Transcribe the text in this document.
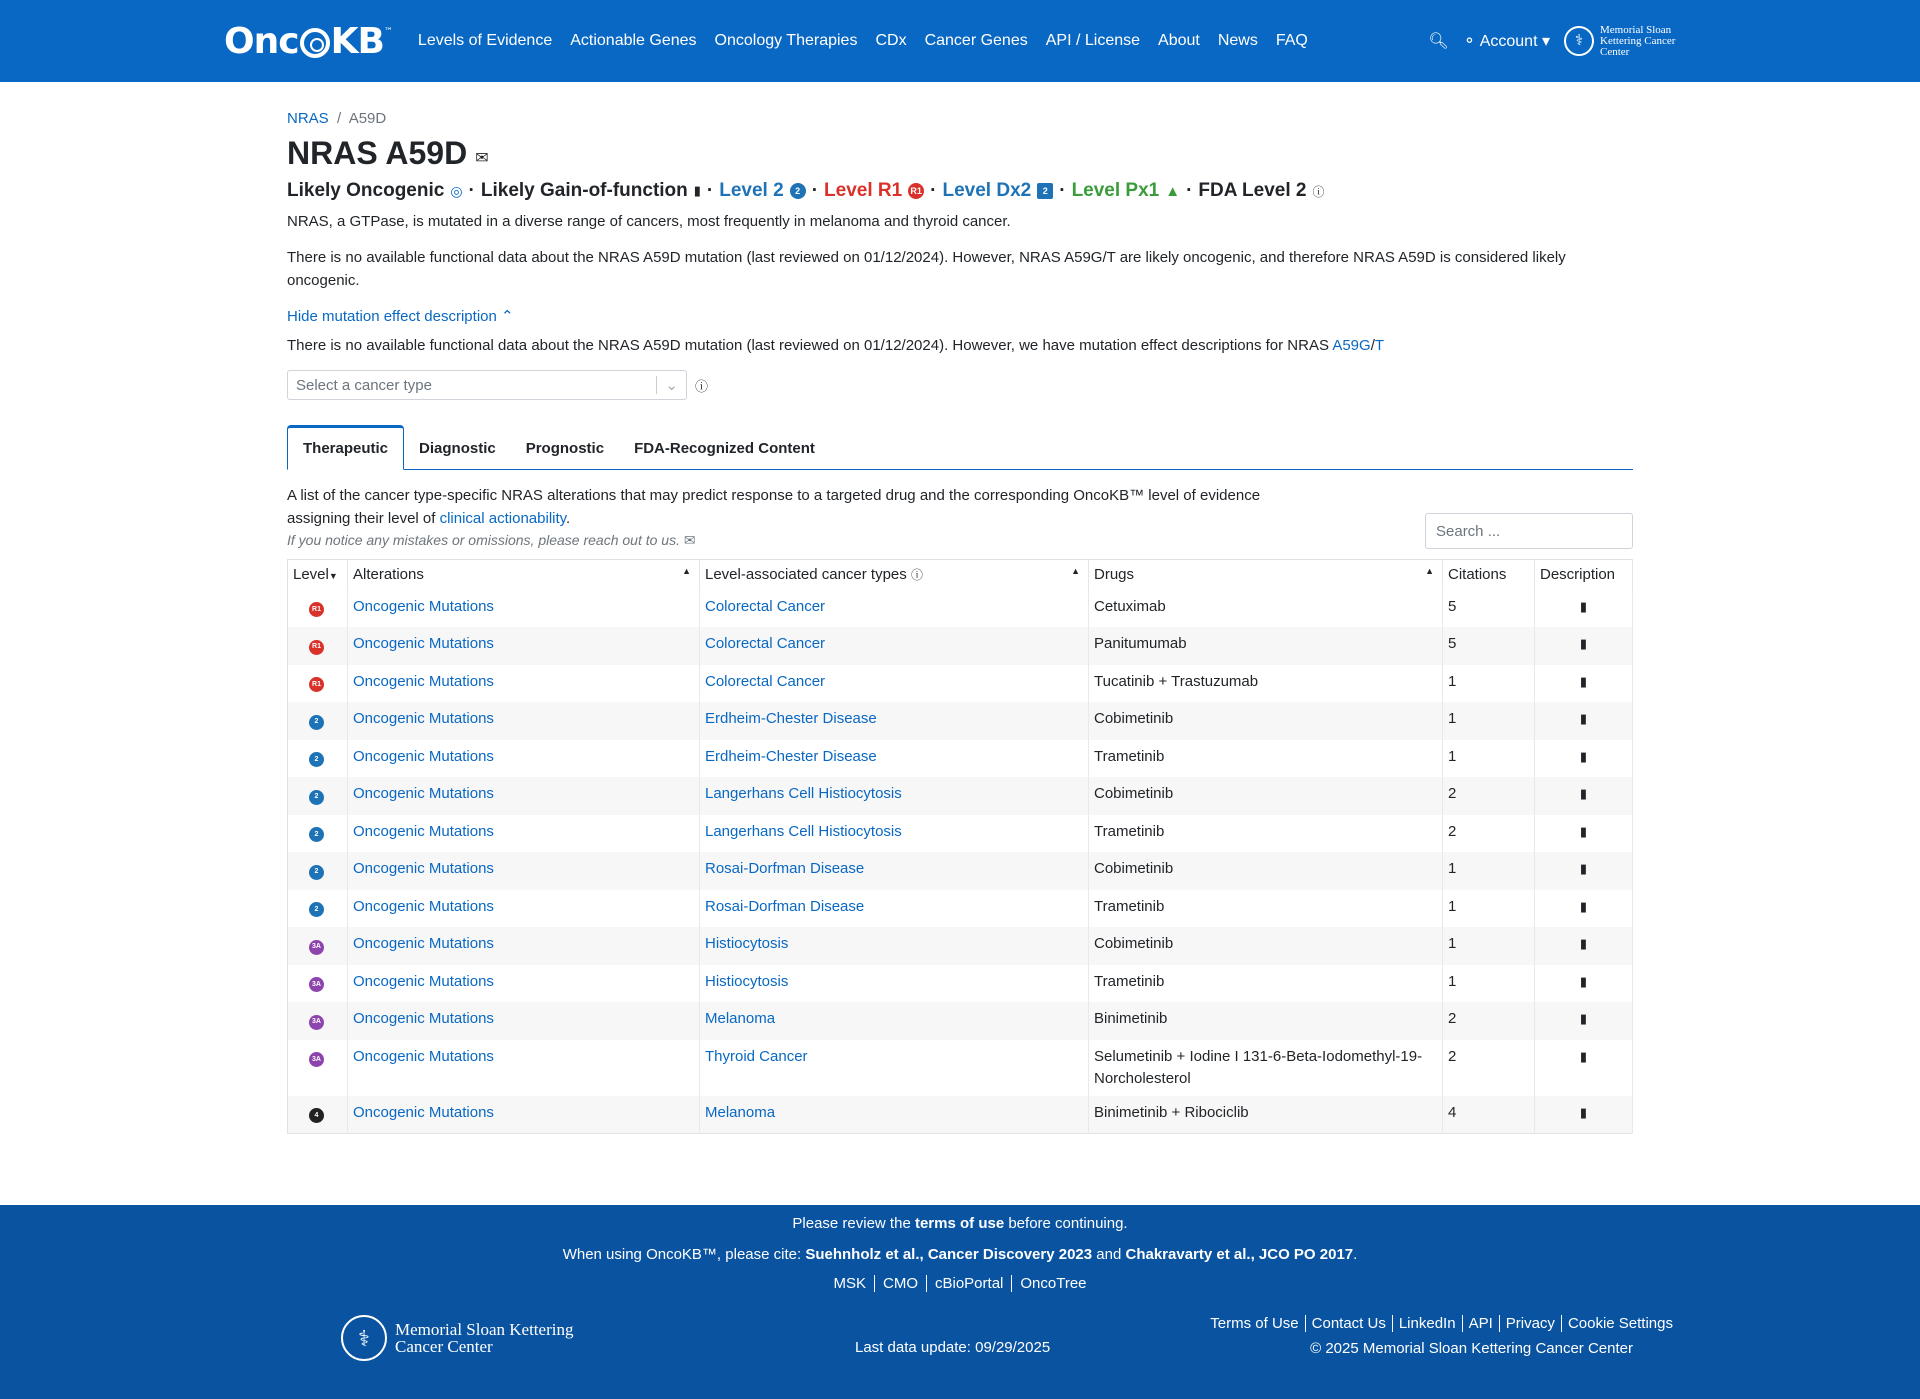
Onc KB™
Levels of Evidence Actionable Genes Oncology Therapies CDx Cancer Genes API / License About News FAQ	🔍︎ ⚬ Account ▾	⚕
Memorial Sloan Kettering Cancer Center
NRAS  /  A59D
NRAS A59D ✉
Likely Oncogenic ◎ · Likely Gain-of-function ▮ · Level 2	2 · Level R1 R1 · Level Dx2	2 · Level Px1 ▲ · FDA Level 2 ⓘ
NRAS, a GTPase, is mutated in a diverse range of cancers, most frequently in melanoma and thyroid cancer.
There is no available functional data about the NRAS A59D mutation (last reviewed on 01/12/2024). However, NRAS A59G/T are likely oncogenic, and therefore NRAS A59D is considered likely oncogenic.
Hide mutation effect description ⌃
There is no available functional data about the NRAS A59D mutation (last reviewed on 01/12/2024). However, we have mutation effect descriptions for NRAS A59G/T
Select a cancer type	⌄ ⓘ
Therapeutic	Diagnostic	Prognostic	FDA-Recognized Content
A list of the cancer type-specific NRAS alterations that may predict response to a targeted drug and the corresponding OncoKB™ level of evidence assigning their level of clinical actionability.
If you notice any mistakes or omissions, please reach out to us. ✉
Search ...
Level▼	Alterations ▲	Level-associated cancer types ⓘ ▲	Drugs ▲	Citations	Description
R1	Oncogenic Mutations	Colorectal Cancer	Cetuximab	5	▮

R1	Oncogenic Mutations	Colorectal Cancer	Panitumumab	5	▮

R1	Oncogenic Mutations	Colorectal Cancer	Tucatinib + Trastuzumab	1	▮

2	Oncogenic Mutations	Erdheim-Chester Disease	Cobimetinib	1	▮

2	Oncogenic Mutations	Erdheim-Chester Disease	Trametinib	1	▮

2	Oncogenic Mutations	Langerhans Cell Histiocytosis	Cobimetinib	2	▮

2	Oncogenic Mutations	Langerhans Cell Histiocytosis	Trametinib	2	▮

2	Oncogenic Mutations	Rosai-Dorfman Disease	Cobimetinib	1	▮

2	Oncogenic Mutations	Rosai-Dorfman Disease	Trametinib	1	▮

3A	Oncogenic Mutations	Histiocytosis	Cobimetinib	1	▮

3A	Oncogenic Mutations	Histiocytosis	Trametinib	1	▮

3A	Oncogenic Mutations	Melanoma	Binimetinib	2	▮

3A	Oncogenic Mutations	Thyroid Cancer	Selumetinib + Iodine I 131-6-Beta-Iodomethyl-19-Norcholesterol	2	▮

4	Oncogenic Mutations	Melanoma	Binimetinib + Ribociclib	4	▮
Please review the terms of use before continuing.
When using OncoKB™, please cite: Suehnholz et al., Cancer Discovery 2023 and Chakravarty et al., JCO PO 2017.
MSK CMO cBioPortal OncoTree
⚕	Memorial Sloan Kettering Cancer Center	Last data update: 09/29/2025
Terms of Use Contact Us LinkedIn API Privacy Cookie Settings
© 2025 Memorial Sloan Kettering Cancer Center
